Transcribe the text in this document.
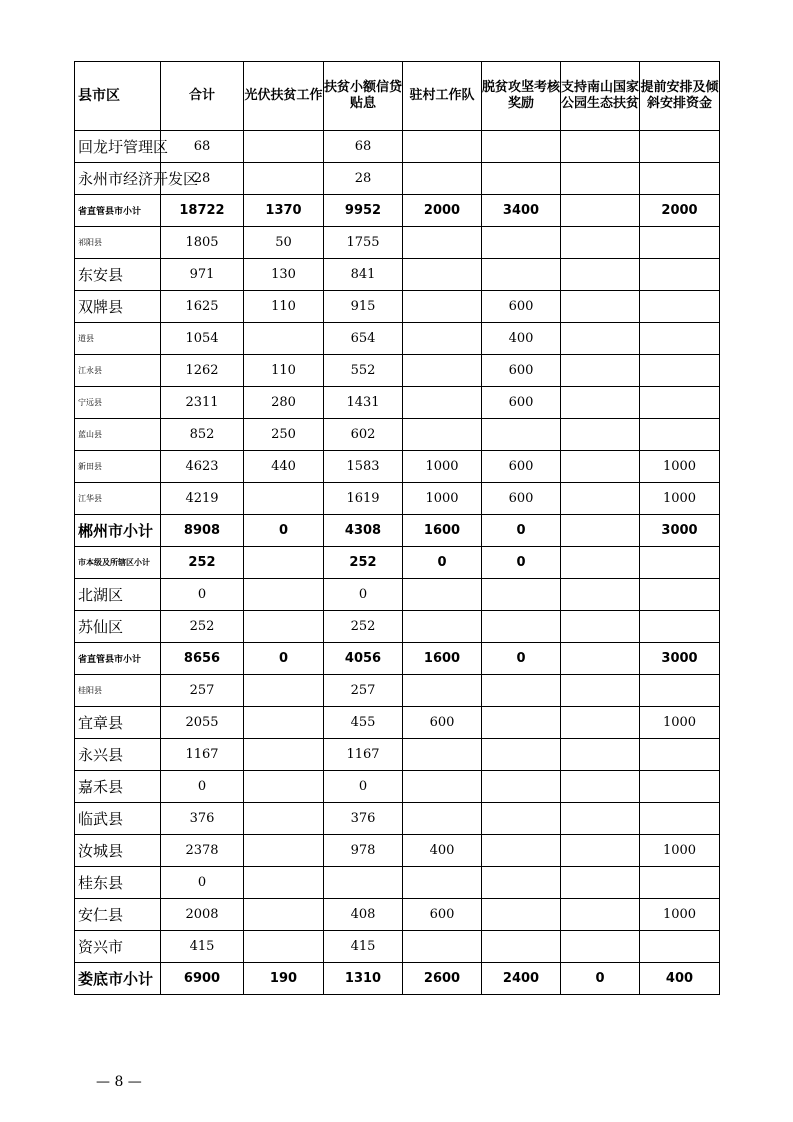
县市区	合计	光伏扶贫工作	扶贫小额信贷贴息	驻村工作队	脱贫攻坚考核奖励	支持南山国家公园生态扶贫	提前安排及倾斜安排资金
回龙圩管理区	68		68				
永州市经济开发区	28		28				
省直管县市小计	18722	1370	9952	2000	3400		2000
祁阳县	1805	50	1755				
东安县	971	130	841				
双牌县	1625	110	915		600		
道县	1054		654		400		
江永县	1262	110	552		600		
宁远县	2311	280	1431		600		
蓝山县	852	250	602				
新田县	4623	440	1583	1000	600		1000
江华县	4219		1619	1000	600		1000
郴州市小计	8908	0	4308	1600	0		3000
市本级及所辖区小计	252		252	0	0		
北湖区	0		0				
苏仙区	252		252				
省直管县市小计	8656	0	4056	1600	0		3000
桂阳县	257		257				
宜章县	2055		455	600			1000
永兴县	1167		1167				
嘉禾县	0		0				
临武县	376		376				
汝城县	2378		978	400			1000
桂东县	0						
安仁县	2008		408	600			1000
资兴市	415		415				
娄底市小计	6900	190	1310	2600	2400	0	400
— 8 —
